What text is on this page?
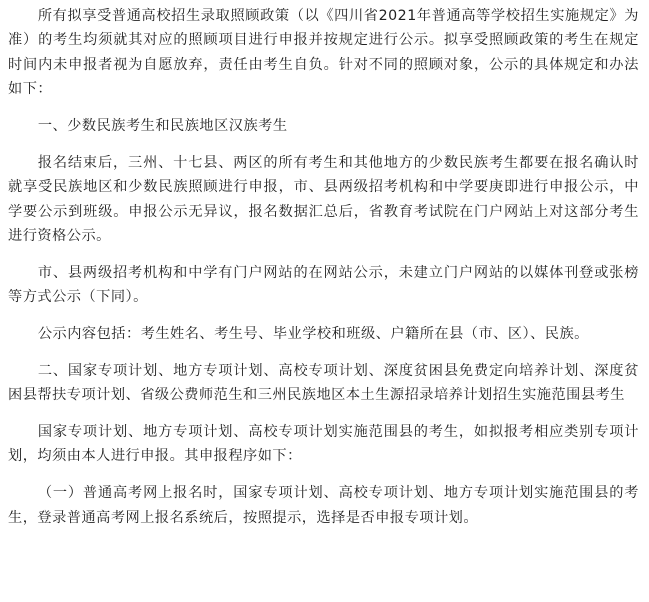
所有拟享受普通高校招生录取照顾政策（以《四川省2021年普通高等学校招生实施规定》为准）的考生均须就其对应的照顾项目进行申报并按规定进行公示。拟享受照顾政策的考生在规定时间内未申报者视为自愿放弃，责任由考生自负。针对不同的照顾对象，公示的具体规定和办法如下：

一、少数民族考生和民族地区汉族考生

报名结束后，三州、十七县、两区的所有考生和其他地方的少数民族考生都要在报名确认时就享受民族地区和少数民族照顾进行申报，市、县两级招考机构和中学要庚即进行申报公示，中学要公示到班级。申报公示无异议，报名数据汇总后，省教育考试院在门户网站上对这部分考生进行资格公示。

市、县两级招考机构和中学有门户网站的在网站公示，未建立门户网站的以媒体刊登或张榜等方式公示（下同）。

公示内容包括：考生姓名、考生号、毕业学校和班级、户籍所在县（市、区）、民族。

二、国家专项计划、地方专项计划、高校专项计划、深度贫困县免费定向培养计划、深度贫困县帮扶专项计划、省级公费师范生和三州民族地区本土生源招录培养计划招生实施范围县考生

国家专项计划、地方专项计划、高校专项计划实施范围县的考生，如拟报考相应类别专项计划，均须由本人进行申报。其申报程序如下：

（一）普通高考网上报名时，国家专项计划、高校专项计划、地方专项计划实施范围县的考生，登录普通高考网上报名系统后，按照提示，选择是否申报专项计划。
